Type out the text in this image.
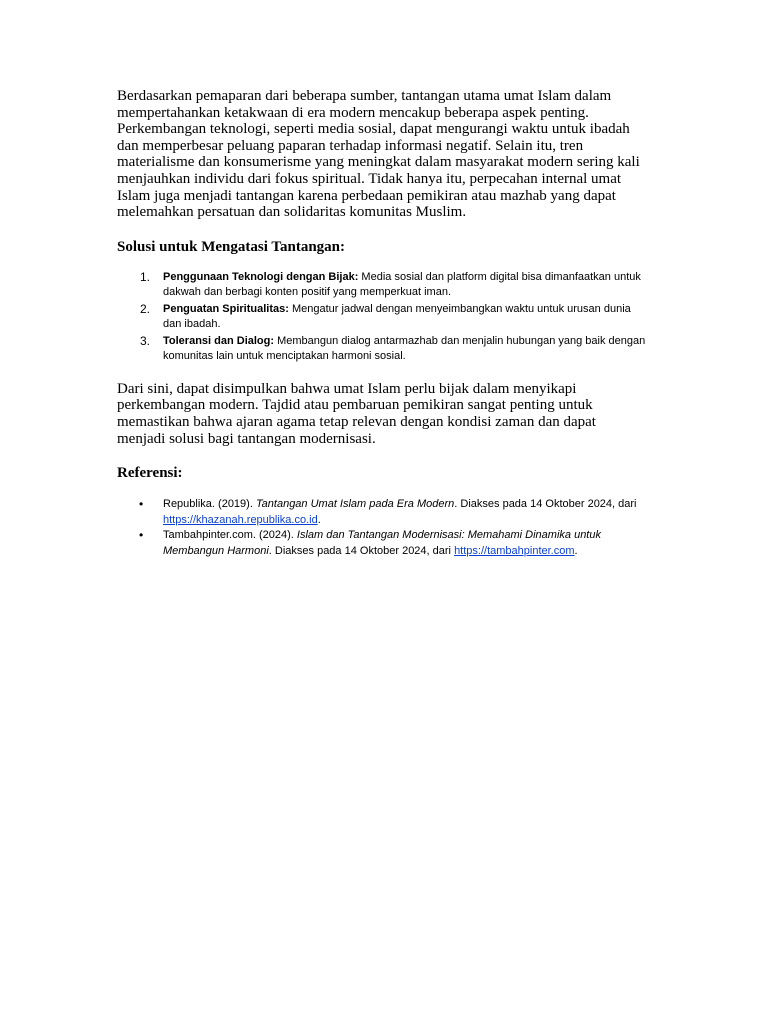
Berdasarkan pemaparan dari beberapa sumber, tantangan utama umat Islam dalam mempertahankan ketakwaan di era modern mencakup beberapa aspek penting. Perkembangan teknologi, seperti media sosial, dapat mengurangi waktu untuk ibadah dan memperbesar peluang paparan terhadap informasi negatif. Selain itu, tren materialisme dan konsumerisme yang meningkat dalam masyarakat modern sering kali menjauhkan individu dari fokus spiritual. Tidak hanya itu, perpecahan internal umat Islam juga menjadi tantangan karena perbedaan pemikiran atau mazhab yang dapat melemahkan persatuan dan solidaritas komunitas Muslim.

Solusi untuk Mengatasi Tantangan:
1. Penggunaan Teknologi dengan Bijak: Media sosial dan platform digital bisa dimanfaatkan untuk dakwah dan berbagi konten positif yang memperkuat iman.
2. Penguatan Spiritualitas: Mengatur jadwal dengan menyeimbangkan waktu untuk urusan dunia dan ibadah.
3. Toleransi dan Dialog: Membangun dialog antarmazhab dan menjalin hubungan yang baik dengan komunitas lain untuk menciptakan harmoni sosial.

Dari sini, dapat disimpulkan bahwa umat Islam perlu bijak dalam menyikapi perkembangan modern. Tajdid atau pembaruan pemikiran sangat penting untuk memastikan bahwa ajaran agama tetap relevan dengan kondisi zaman dan dapat menjadi solusi bagi tantangan modernisasi.

Referensi:
• Republika. (2019). Tantangan Umat Islam pada Era Modern. Diakses pada 14 Oktober 2024, dari https://khazanah.republika.co.id.
• Tambahpinter.com. (2024). Islam dan Tantangan Modernisasi: Memahami Dinamika untuk Membangun Harmoni. Diakses pada 14 Oktober 2024, dari https://tambahpinter.com.
